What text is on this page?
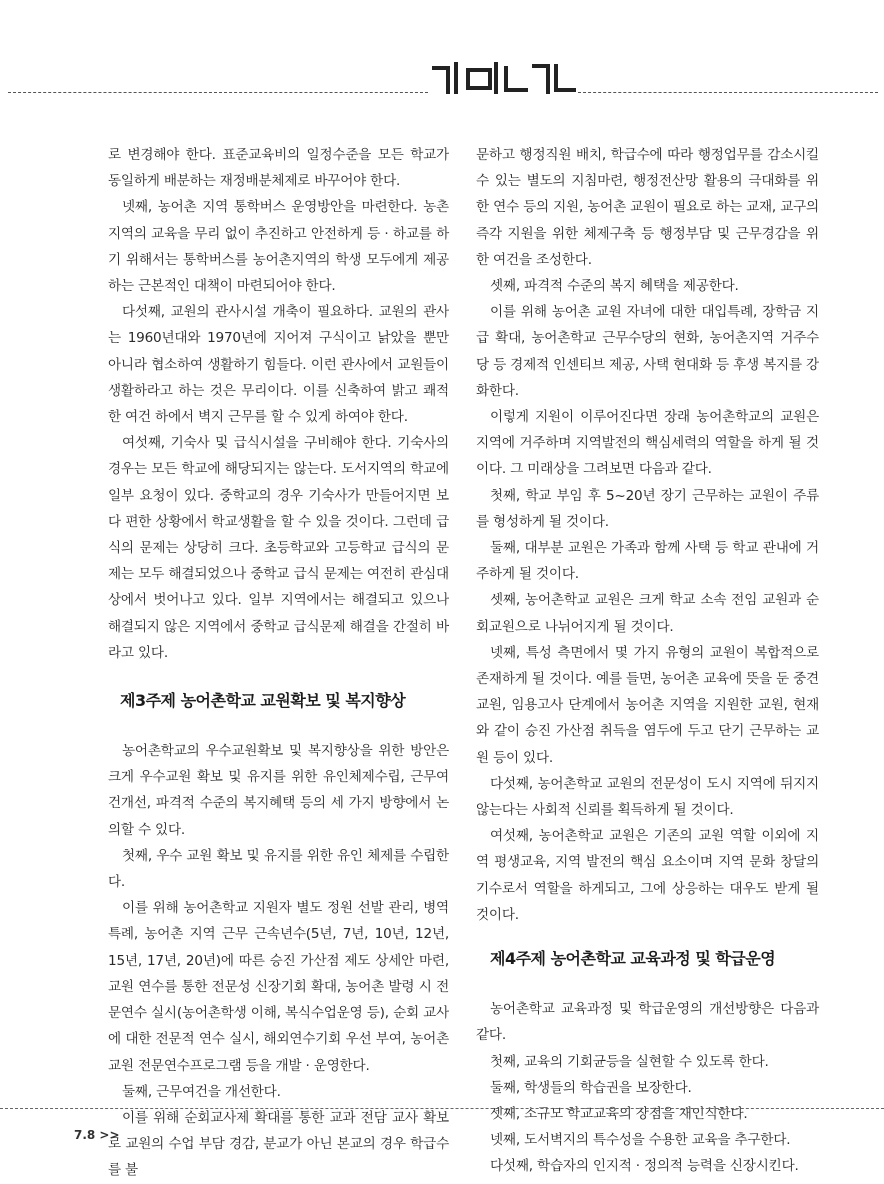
로 변경해야 한다. 표준교육비의 일정수준을 모든 학교가 동일하게 배분하는 재정배분체제로 바꾸어야 한다.

넷째, 농어촌 지역 통학버스 운영방안을 마련한다. 농촌지역의 교육을 무리 없이 추진하고 안전하게 등 · 하교를 하기 위해서는 통학버스를 농어촌지역의 학생 모두에게 제공하는 근본적인 대책이 마련되어야 한다.

다섯째, 교원의 관사시설 개축이 필요하다. 교원의 관사는 1960년대와 1970년에 지어져 구식이고 낡았을 뿐만 아니라 협소하여 생활하기 힘들다. 이런 관사에서 교원들이 생활하라고 하는 것은 무리이다. 이를 신축하여 밝고 쾌적한 여건 하에서 벽지 근무를 할 수 있게 하여야 한다.

여섯째, 기숙사 및 급식시설을 구비해야 한다. 기숙사의 경우는 모든 학교에 해당되지는 않는다. 도서지역의 학교에 일부 요청이 있다. 중학교의 경우 기숙사가 만들어지면 보다 편한 상황에서 학교생활을 할 수 있을 것이다. 그런데 급식의 문제는 상당히 크다. 초등학교와 고등학교 급식의 문제는 모두 해결되었으나 중학교 급식 문제는 여전히 관심대상에서 벗어나고 있다. 일부 지역에서는 해결되고 있으나 해결되지 않은 지역에서 중학교 급식문제 해결을 간절히 바라고 있다.

제3주제 농어촌학교 교원확보 및 복지향상

농어촌학교의 우수교원확보 및 복지향상을 위한 방안은 크게 우수교원 확보 및 유지를 위한 유인체제수립, 근무여건개선, 파격적 수준의 복지혜택 등의 세 가지 방향에서 논의할 수 있다.

첫째, 우수 교원 확보 및 유지를 위한 유인 체제를 수립한다.

이를 위해 농어촌학교 지원자 별도 정원 선발 관리, 병역특례, 농어촌 지역 근무 근속년수(5년, 7년, 10년, 12년, 15년, 17년, 20년)에 따른 승진 가산점 제도 상세안 마련, 교원 연수를 통한 전문성 신장기회 확대, 농어촌 발령 시 전문연수 실시(농어촌학생 이해, 복식수업운영 등), 순회 교사에 대한 전문적 연수 실시, 해외연수기회 우선 부여, 농어촌 교원 전문연수프로그램 등을 개발 · 운영한다.

둘째, 근무여건을 개선한다.

이를 위해 순회교사제 확대를 통한 교과 전담 교사 확보로 교원의 수업 부담 경감, 분교가 아닌 본교의 경우 학급수를 불

문하고 행정직원 배치, 학급수에 따라 행정업무를 감소시킬 수 있는 별도의 지침마련, 행정전산망 활용의 극대화를 위한 연수 등의 지원, 농어촌 교원이 필요로 하는 교재, 교구의 즉각 지원을 위한 체제구축 등 행정부담 및 근무경감을 위한 여건을 조성한다.

셋째, 파격적 수준의 복지 혜택을 제공한다.

이를 위해 농어촌 교원 자녀에 대한 대입특례, 장학금 지급 확대, 농어촌학교 근무수당의 현화, 농어촌지역 거주수당 등 경제적 인센티브 제공, 사택 현대화 등 후생 복지를 강화한다.

이렇게 지원이 이루어진다면 장래 농어촌학교의 교원은 지역에 거주하며 지역발전의 핵심세력의 역할을 하게 될 것이다. 그 미래상을 그려보면 다음과 같다.

첫째, 학교 부임 후 5~20년 장기 근무하는 교원이 주류를 형성하게 될 것이다.

둘째, 대부분 교원은 가족과 함께 사택 등 학교 관내에 거주하게 될 것이다.

셋째, 농어촌학교 교원은 크게 학교 소속 전임 교원과 순회교원으로 나뉘어지게 될 것이다.

넷째, 특성 측면에서 몇 가지 유형의 교원이 복합적으로 존재하게 될 것이다. 예를 들면, 농어촌 교육에 뜻을 둔 중견 교원, 임용고사 단계에서 농어촌 지역을 지원한 교원, 현재와 같이 승진 가산점 취득을 염두에 두고 단기 근무하는 교원 등이 있다.

다섯째, 농어촌학교 교원의 전문성이 도시 지역에 뒤지지 않는다는 사회적 신뢰를 획득하게 될 것이다.

여섯째, 농어촌학교 교원은 기존의 교원 역할 이외에 지역 평생교육, 지역 발전의 핵심 요소이며 지역 문화 창달의 기수로서 역할을 하게되고, 그에 상응하는 대우도 받게 될 것이다.

제4주제 농어촌학교 교육과정 및 학급운영

농어촌학교 교육과정 및 학급운영의 개선방향은 다음과 같다.

첫째, 교육의 기회균등을 실현할 수 있도록 한다.

둘째, 학생들의 학습권을 보장한다.

셋째, 소규모 학교교육의 장점을 재인식한다.

넷째, 도서벽지의 특수성을 수용한 교육을 추구한다.

다섯째, 학습자의 인지적 · 정의적 능력을 신장시킨다.

7.8 >>
